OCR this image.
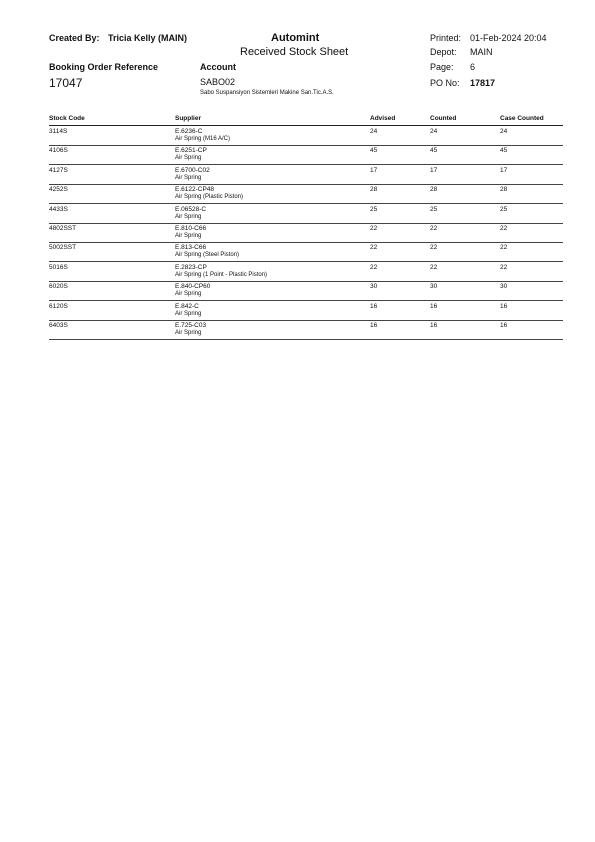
Created By: Tricia Kelly (MAIN)	Automint
Received Stock Sheet
Printed: 01-Feb-2024 20:04
Depot: MAIN
Page: 6
PO No: 17817
Booking Order Reference
17047
Account
SABO02
Sabo Suspansiyon Sistemleri Makine San.Tic.A.S.
Stock Code	Supplier	Advised	Counted	Case Counted
3114S	E.6236-C	24	24	24
Air Spring (M16 A/C)
4106S	E.6251-CP	45	45	45
Air Spring
4127S	E.6700-C02	17	17	17
Air Spring
4252S	E.6122-CP48	28	28	28
Air Spring (Plastic Piston)
4433S	E.06528-C	25	25	25
Air Spring
4802SST	E.810-C66	22	22	22
Air Spring
5002SST	E.813-C66	22	22	22
Air Spring (Steel Piston)
5016S	E.2823-CP	22	22	22
Air Spring (1 Point - Plastic Piston)
6020S	E.840-CP60	30	30	30
Air Spring
6120S	E.842-C	16	16	16
Air Spring
6403S	E.725-C03	16	16	16
Air Spring
